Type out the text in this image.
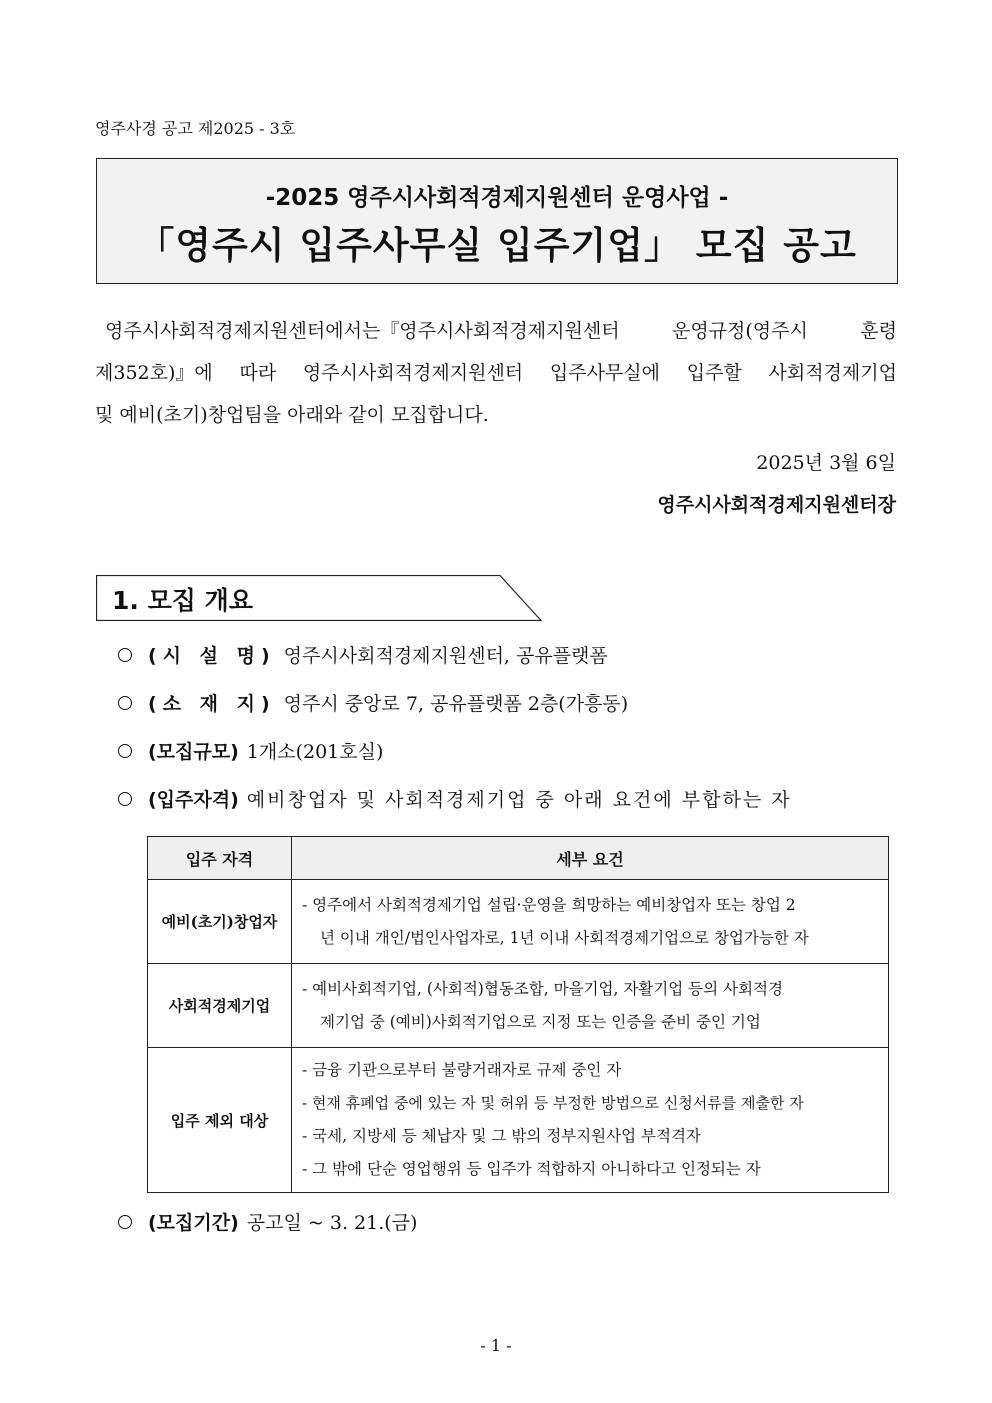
영주사경 공고 제2025 - 3호
-2025 영주시사회적경제지원센터 운영사업 -
「영주시 입주사무실 입주기업」 모집 공고

영주시사회적경제지원센터에서는『영주시사회적경제지원센터	운영규정(영주시	훈령

제352호)』에 따라 영주시사회적경제지원센터 입주사무실에 입주할 사회적경제기업

및 예비(초기)창업팀을 아래와 같이 모집합니다.

2025년 3월 6일
영주시사회적경제지원센터장
1. 모집 개요
(시 설 명) 영주시사회적경제지원센터, 공유플랫폼
(소 재 지) 영주시 중앙로 7, 공유플랫폼 2층(가흥동)
(모집규모) 1개소(201호실)
(입주자격) 예비창업자 및 사회적경제기업 중 아래 요건에 부합하는 자
입주 자격	세부 요건
예비(초기)창업자	- 영주에서 사회적경제기업 설립·운영을 희망하는 예비창업자 또는 창업 2
년 이내 개인/법인사업자로, 1년 이내 사회적경제기업으로 창업가능한 자

사회적경제기업	- 예비사회적기업, (사회적)협동조합, 마을기업, 자활기업 등의 사회적경
제기업 중 (예비)사회적기업으로 지정 또는 인증을 준비 중인 기업

입주 제외 대상	- 금융 기관으로부터 불량거래자로 규제 중인 자
- 현재 휴폐업 중에 있는 자 및 허위 등 부정한 방법으로 신청서류를 제출한 자
- 국세, 지방세 등 체납자 및 그 밖의 정부지원사업 부적격자
- 그 밖에 단순 영업행위 등 입주가 적합하지 아니하다고 인정되는 자
(모집기간) 공고일 ~ 3. 21.(금)
- 1 -
